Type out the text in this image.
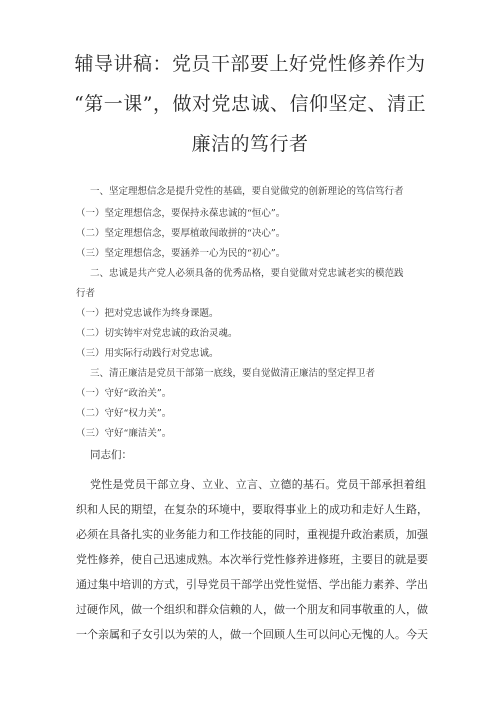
辅导讲稿：党员干部要上好党性修养作为
“第一课”，做对党忠诚、信仰坚定、清正
廉洁的笃行者
一、坚定理想信念是提升党性的基础，要自觉做党的创新理论的笃信笃行者
（一）坚定理想信念，要保持永葆忠诚的“恒心”。
（二）坚定理想信念，要厚植敢闯敢拼的“决心”。
（三）坚定理想信念，要涵养一心为民的“初心”。
二、忠诚是共产党人必须具备的优秀品格，要自觉做对党忠诚老实的模范践
行者
（一）把对党忠诚作为终身课题。
（二）切实铸牢对党忠诚的政治灵魂。
（三）用实际行动践行对党忠诚。
三、清正廉洁是党员干部第一底线，要自觉做清正廉洁的坚定捍卫者
（一）守好“政治关”。
（二）守好“权力关”。
（三）守好“廉洁关”。
同志们：
党性是党员干部立身、立业、立言、立德的基石。党员干部承担着组
织和人民的期望，在复杂的环境中，要取得事业上的成功和走好人生路，
必须在具备扎实的业务能力和工作技能的同时，重视提升政治素质，加强
党性修养，使自己迅速成熟。本次举行党性修养进修班，主要目的就是要
通过集中培训的方式，引导党员干部学出党性觉悟、学出能力素养、学出
过硬作风，做一个组织和群众信赖的人，做一个朋友和同事敬重的人，做
一个亲属和子女引以为荣的人，做一个回顾人生可以问心无愧的人。今天
